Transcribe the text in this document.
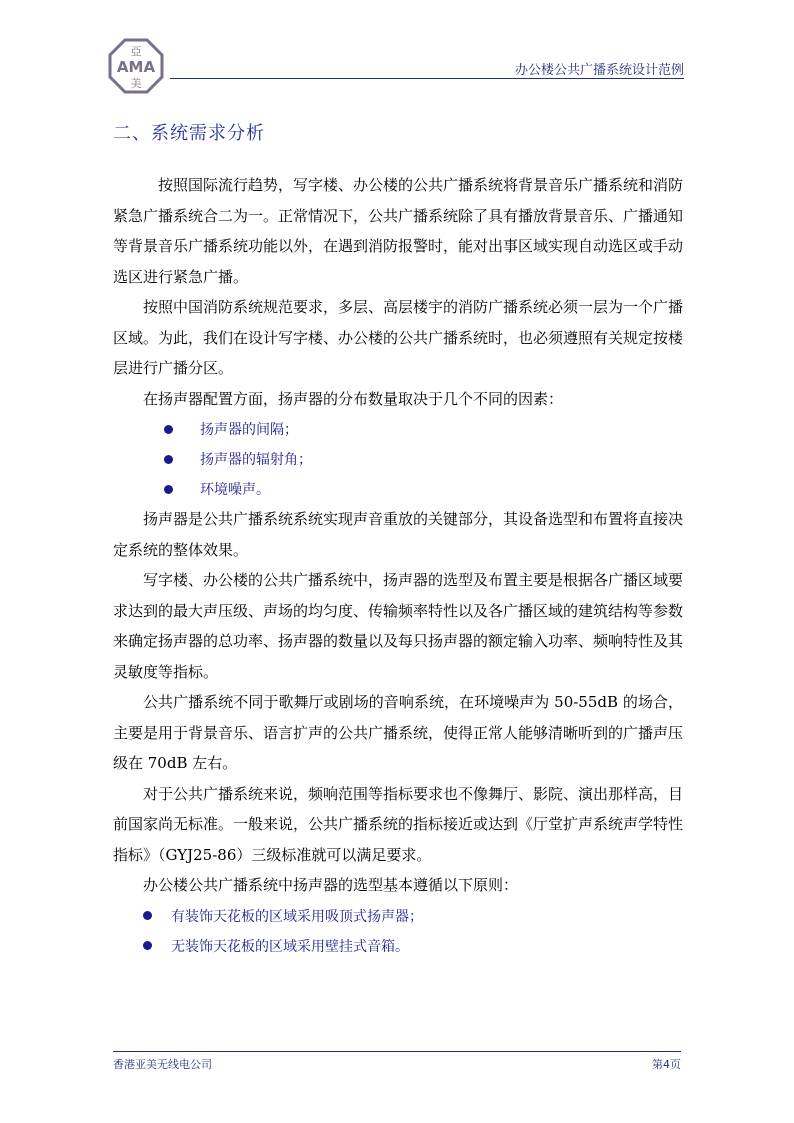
亞
AMA
美
办公楼公共广播系统设计范例
二、系统需求分析

按照国际流行趋势，写字楼、办公楼的公共广播系统将背景音乐广播系统和消防紧急广播系统合二为一。正常情况下，公共广播系统除了具有播放背景音乐、广播通知等背景音乐广播系统功能以外，在遇到消防报警时，能对出事区域实现自动选区或手动选区进行紧急广播。

按照中国消防系统规范要求，多层、高层楼宇的消防广播系统必须一层为一个广播区域。为此，我们在设计写字楼、办公楼的公共广播系统时，也必须遵照有关规定按楼层进行广播分区。

在扬声器配置方面，扬声器的分布数量取决于几个不同的因素：

扬声器的间隔；
扬声器的辐射角；
环境噪声。

扬声器是公共广播系统系统实现声音重放的关键部分，其设备选型和布置将直接决定系统的整体效果。

写字楼、办公楼的公共广播系统中，扬声器的选型及布置主要是根据各广播区域要求达到的最大声压级、声场的均匀度、传输频率特性以及各广播区域的建筑结构等参数来确定扬声器的总功率、扬声器的数量以及每只扬声器的额定输入功率、频响特性及其灵敏度等指标。

公共广播系统不同于歌舞厅或剧场的音响系统，在环境噪声为 50-55dB 的场合，主要是用于背景音乐、语言扩声的公共广播系统，使得正常人能够清晰听到的广播声压级在 70dB 左右。

对于公共广播系统来说，频响范围等指标要求也不像舞厅、影院、演出那样高，目前国家尚无标准。一般来说，公共广播系统的指标接近或达到《厅堂扩声系统声学特性指标》（GYJ25-86）三级标准就可以满足要求。

办公楼公共广播系统中扬声器的选型基本遵循以下原则：

有装饰天花板的区域采用吸顶式扬声器；
无装饰天花板的区域采用壁挂式音箱。
香港亚美无线电公司	第4页
